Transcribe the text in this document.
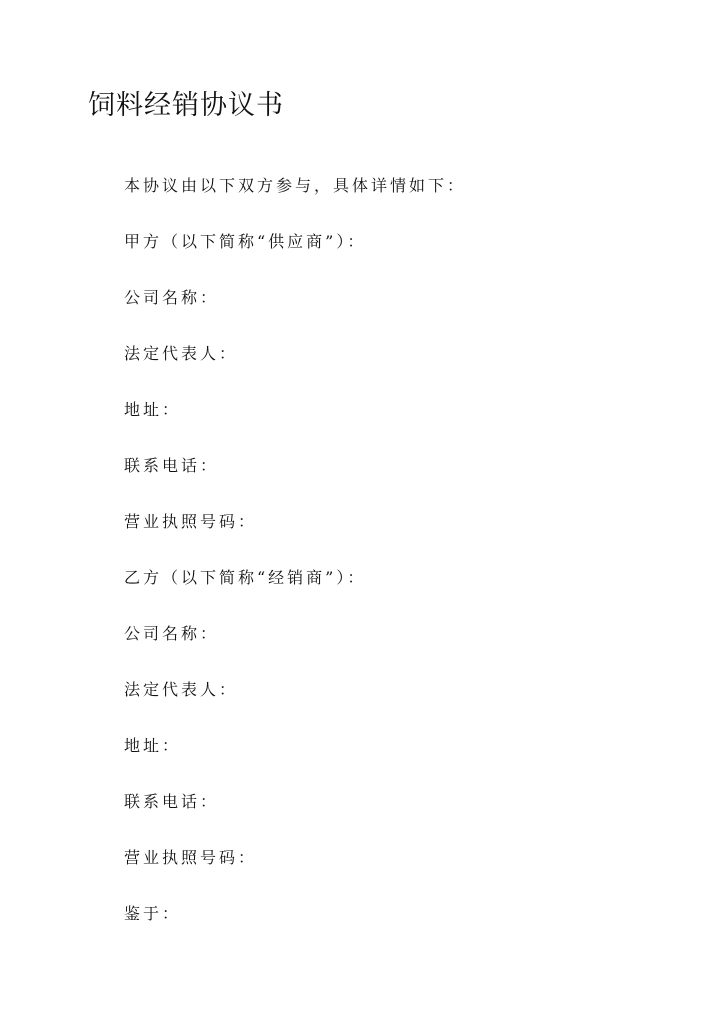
饲料经销协议书
本协议由以下双方参与，具体详情如下：
甲方（以下简称“供应商”）：
公司名称：
法定代表人：
地址：
联系电话：
营业执照号码：
乙方（以下简称“经销商”）：
公司名称：
法定代表人：
地址：
联系电话：
营业执照号码：
鉴于：
